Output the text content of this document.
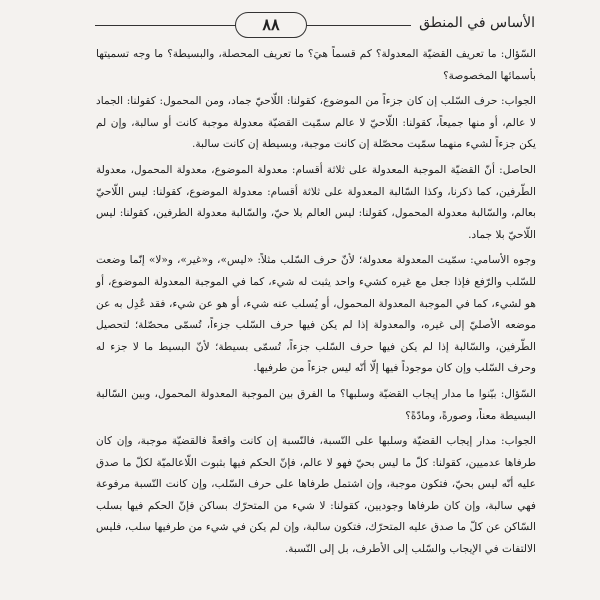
٨٨	الأساس في المنطق

السّؤال: ما تعريف القضيّة المعدولة؟ كم قسماً هيَ؟ ما تعريف المحصلة، والبسيطة؟ ما وجه تسميتها بأسمائها المخصوصة؟

الجواب: حرف السّلب إن كان جزءاً من الموضوع، كقولنا: اللّاحيّ جماد، ومن المحمول: كقولنا: الجماد لا عالم، أو منها جميعاً، كقولنا: اللّاحيّ لا عالم سمّيت القضيّة معدولة موجبة كانت أو سالبة، وإن لم يكن جزءاً لشيء منهما سمّيت محصّلة إن كانت موجبة، وبسيطة إن كانت سالبة.

الحاصل: أنّ القضيّة الموجبة المعدولة على ثلاثة أقسام: معدولة الموضوع، معدولة المحمول، معدولة الطّرفين، كما ذكرنا، وكذا السّالبة المعدولة على ثلاثة أقسام: معدولة الموضوع، كقولنا: ليس اللّاحيّ بعالم، والسّالبة معدولة المحمول، كقولنا: ليس العالم بلا حيّ، والسّالبة معدولة الطرفين، كقولنا: ليس اللّاحيّ بلا جماد.

وجوه الأسامي: سمّيت المعدولة معدولة؛ لأنّ حرف السّلب مثلاً: «ليس»، و«غير»، و«لا» إنّما وضعت للسّلب والرّفع فإذا جعل مع غيره كشيء واحد يثبت له شيء، كما في الموجبة المعدولة الموضوع، أو هو لشيء، كما في الموجبة المعدولة المحمول، أو يُسلب عنه شيء، أو هو عن شيء، فقد عُدِل به عن موضعه الأصليّ إلى غيره، والمعدولة إذا لم يكن فيها حرف السّلب جزءاً، تُسمّى محصّلة؛ لتحصيل الطّرفين، والسّالبة إذا لم يكن فيها حرف السّلب جزءاً، تُسمّى بسيطة؛ لأنّ البسيط ما لا جزء له وحرف السّلب وإن كان موجوداً فيها إلّا أنّه ليس جزءاً من طرفيها.

السّؤال: بيّنوا ما مدار إيجاب القضيّة وسلبها؟ ما الفرق بين الموجبة المعدولة المحمول، وبين السّالبة البسيطة معناً، وصورةً، ومادّةً؟

الجواب: مدار إيجاب القضيّة وسلبها على النّسبة، فالنّسبة إن كانت واقعةً فالقضيّة موجبة، وإن كان طرفاها عدميين، كقولنا: كلّ ما ليس بحيّ فهو لا عالم، فإنّ الحكم فيها بثبوت اللّاعالميّة لكلّ ما صدق عليه أنّه ليس بحيّ، فتكون موجبة، وإن اشتمل طرفاها على حرف السّلب، وإن كانت النّسبة مرفوعة فهي سالبة، وإن كان طرفاها وجوديين، كقولنا: لا شيء من المتحرّك بساكن فإنّ الحكم فيها بسلب السّاكن عن كلّ ما صدق عليه المتحرّك، فتكون سالبة، وإن لم يكن في شيء من طرفيها سلب، فليس الالتفات في الإيجاب والسّلب إلى الأطرف، بل إلى النّسبة.
